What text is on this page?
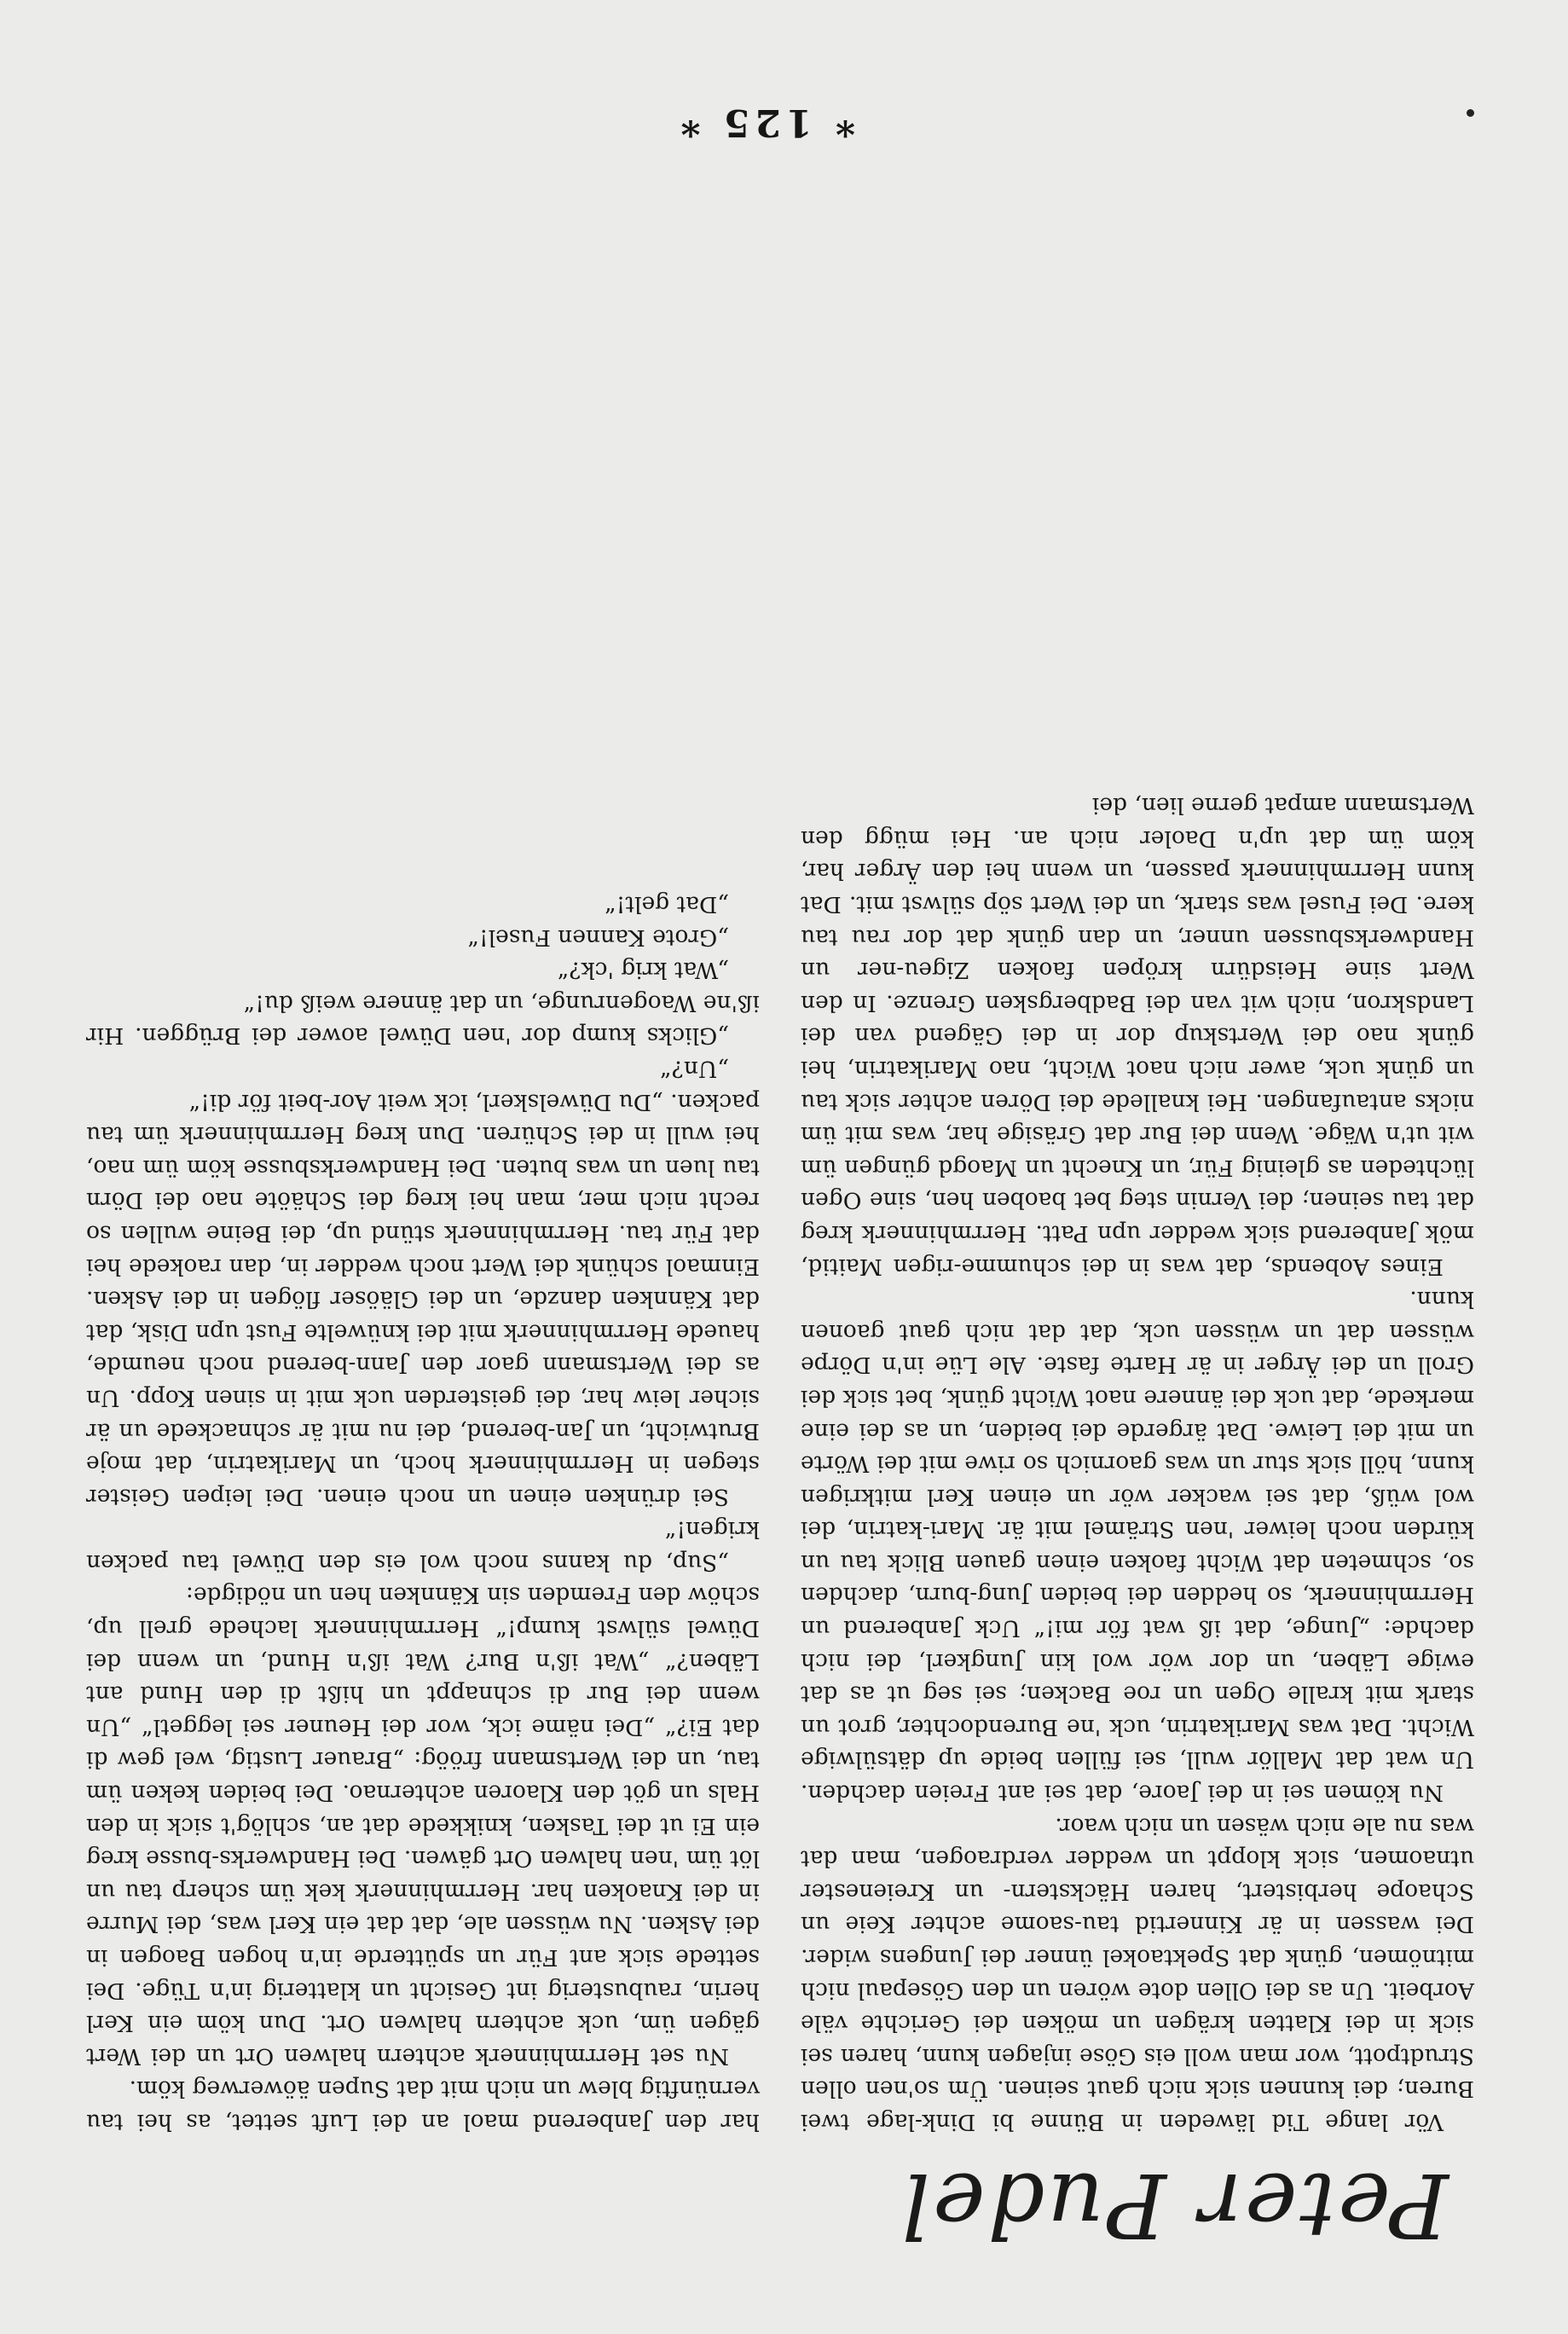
Peter Pudel

Vör lange Tid läweden in Bünne bi Dink-lage twei Buren; dei kunnen sick nich gaut seinen. Üm so'nen ollen Strudtpott, wor man woll eis Göse injagen kunn, haren sei sick in dei Klatten krägen un möken dei Gerichte väle Aorbeit. Un as dei Ollen dote wören un den Gösepaul nich mitnömen, günk dat Spektaokel ünner dei Jungens wider. Dei wassen in är Kinnertid tau-saome achter Keie un Schaope herbistert, haren Häckstern- un Kreienester utnaomen, sick kloppt un wedder verdraogen, man dat was nu ale nich wäsen un nich waor.

Nu kömen sei in dei Jaore, dat sei ant Freien dachden. Un wat dat Mallör wull, sei füllen beide up dätsülwige Wicht. Dat was Marikatrin, uck 'ne Burendochter, grot un stark mit kralle Ogen un roe Backen; sei seg ut as dat ewige Läben, un dor wör wol kin Jungkerl, dei nich dachde: „Junge, dat iß wat för mi!“ Uck Janberend un Herrmhinnerk, so hedden dei beiden Jung-burn, dachden so, schmeten dat Wicht faoken einen gauen Blick tau un kürden noch leiwer 'nen Strämel mit är. Mari-katrin, dei wol wüß, dat sei wacker wör un einen Kerl mitkrigen kunn, höll sick stur un was gaornich so riwe mit dei Wörte un mit dei Leiwe. Dat ärgerde dei beiden, un as dei eine merkede, dat uck dei ännere naot Wicht günk, bet sick dei Groll un dei Ärger in är Harte faste. Ale Lüe in'n Dörpe wüssen dat un wüssen uck, dat dat nich gaut gaonen kunn.

Eines Aobends, dat was in dei schumme-rigen Maitid, mök Janberend sick wedder upn Patt. Herrmhinnerk kreg dat tau seinen; dei Vernin steg bet baoben hen, sine Ogen lüchteden as gleinig Für, un Knecht un Maogd güngen üm wit ut'n Wäge. Wenn dei Bur dat Gräsige har, was mit üm nicks antaufangen. Hei knallede dei Dören achter sick tau un günk uck, awer nich naot Wicht, nao Marikatrin, hei günk nao dei Wertskup dor in dei Gägend van dei Landskron, nich wit van dei Badbergsken Grenze. In den Wert sine Heisdürn kröpen faoken Zigeu-ner un Handwerksbussen unner, un dan günk dat dor rau tau kere. Dei Fusel was stark, un dei Wert söp sülwst mit. Dat kunn Herrmhinnerk passen, un wenn hei den Ärger har, köm üm dat up'n Daoler nich an. Hei mügg den Wertsmann ampat gerne lien, dei

har den Janberend maol an dei Luft settet, as hei tau vernünftig blew un nich mit dat Supen äöwerweg köm.

Nu set Herrmhinnerk achtern halwen Ort un dei Wert gägen üm, uck achtern halwen Ort. Dun köm ein Kerl herin, raubusterig int Gesicht un klatterig in'n Tüge. Dei settede sick ant Für un spütterde in'n hogen Baogen in dei Asken. Nu wüssen ale, dat dat ein Kerl was, dei Murre in dei Knaoken har. Herrmhinnerk kek üm scherp tau un löt üm 'nen halwen Ort gäwen. Dei Handwerks-busse kreg ein Ei ut dei Tasken, knikkede dat an, schlög't sick in den Hals un göt den Klaoren achternao. Dei beiden keken üm tau, un dei Wertsmann fröög: „Brauer Lustig, wel gew di dat Ei?“ „Dei näme ick, wor dei Heuner sei leggetl“ „Un wenn dei Bur di schnappt un hißt di den Hund ant Läben?“ „Wat iß'n Bur? Wat iß'n Hund, un wenn dei Düwel sülwst kump!“ Herrmhinnerk lachede grell up, schöw den Fremden sin Kännken hen un nödigde:

„Sup, du kanns noch wol eis den Düwel tau packen krigen!“

Sei drünken einen un noch einen. Dei leipen Geister stegen in Herrmhinnerk hoch, un Marikatrin, dat moje Brutwicht, un Jan-berend, dei nu mit är schnackede un är sicher leiw har, dei geisterden uck mit in sinen Kopp. Un as dei Wertsmann gaor den Jann-berend noch neumde, hauede Herrmhinnerk mit dei knüwelte Fust upn Disk, dat dat Kännken danzde, un dei Gläöser flögen in dei Asken. Einmaol schünk dei Wert noch wedder in, dan raokede hei dat Für tau. Herrmhinnerk stünd up, dei Beine wullen so recht nich mer, man hei kreg dei Schäöte nao dei Dörn tau luen un was buten. Dei Handwerksbusse köm üm nao, hei wull in dei Schüren. Dun kreg Herrmhinnerk üm tau packen. „Du Düwelskerl, ick weit Aor-beit för di!“

„Un?“

„Glicks kump dor 'nen Düwel aower dei Brüggen. Hir iß'ne Waogenrunge, un dat ännere weiß du!“

„Wat krig 'ck?“

„Grote Kannen Fusel!“

„Dat gelt!“

* 125 *
